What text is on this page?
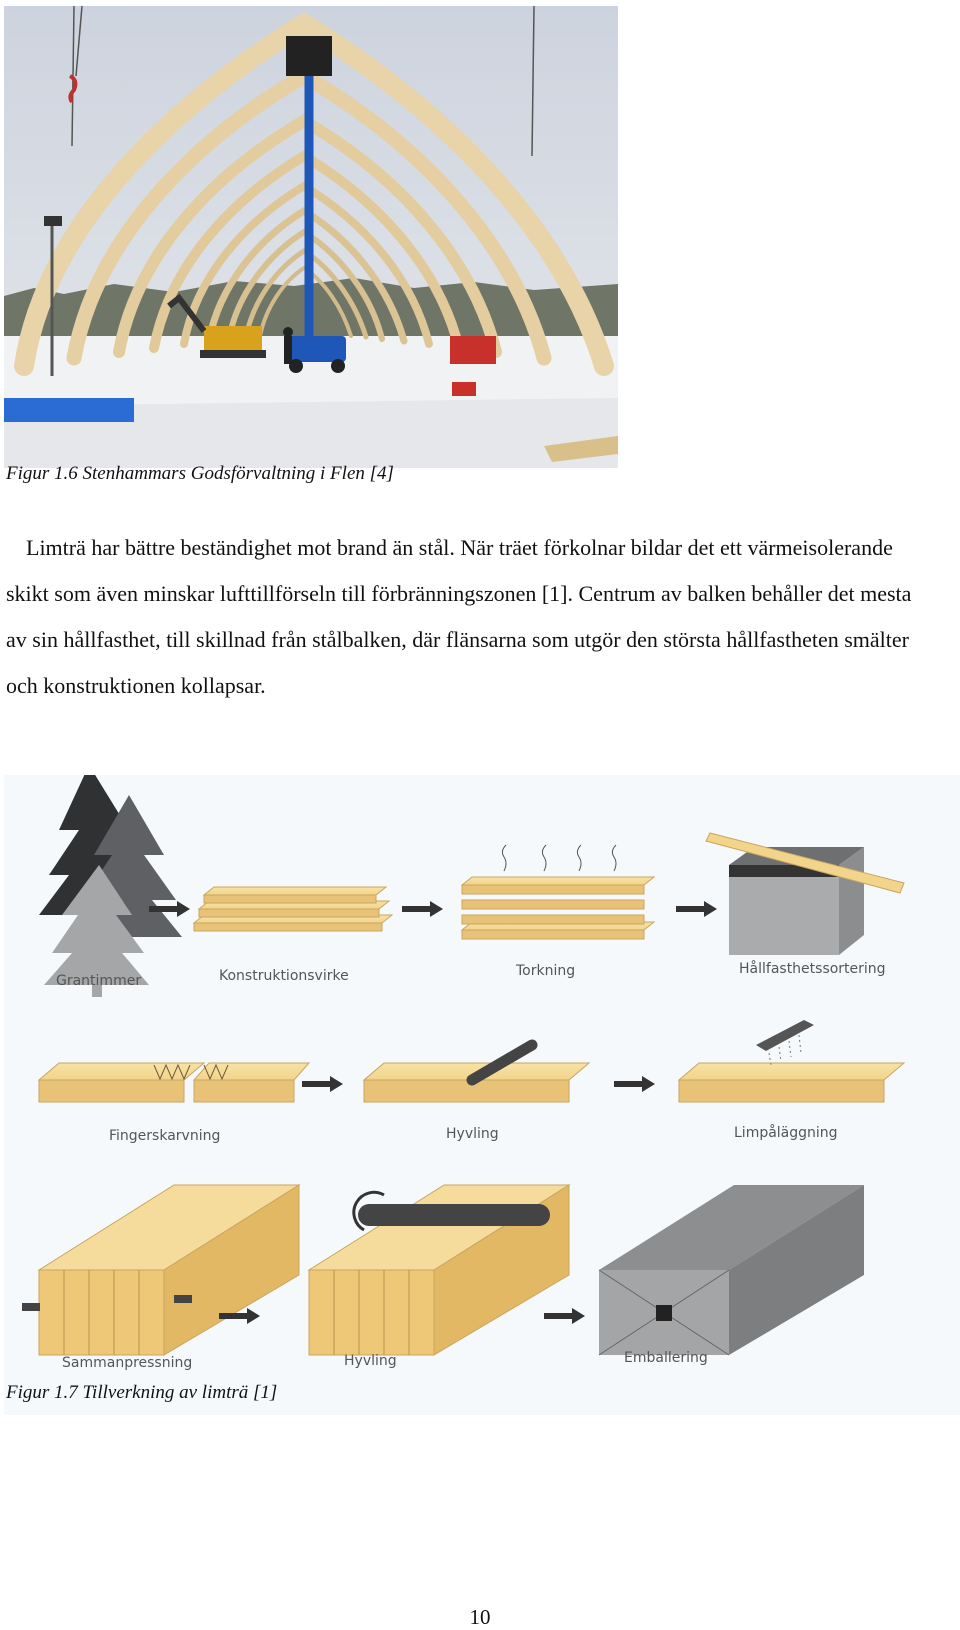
Figur 1.6 Stenhammars Godsförvaltning i Flen [4]

Limträ har bättre beständighet mot brand än stål. När träet förkolnar bildar det ett värmeisolerande skikt som även minskar lufttillförseln till förbränningszonen [1]. Centrum av balken behåller det mesta av sin hållfasthet, till skillnad från stålbalken, där flänsarna som utgör den största hållfastheten smälter och konstruktionen kollapsar.

Grantimmer	Konstruktionsvirke	Torkning	Hållfasthetssortering
Fingerskarvning	Hyvling	Limpåläggning
Sammanpressning	Hyvling	Emballering
Figur 1.7 Tillverkning av limträ [1]
10
